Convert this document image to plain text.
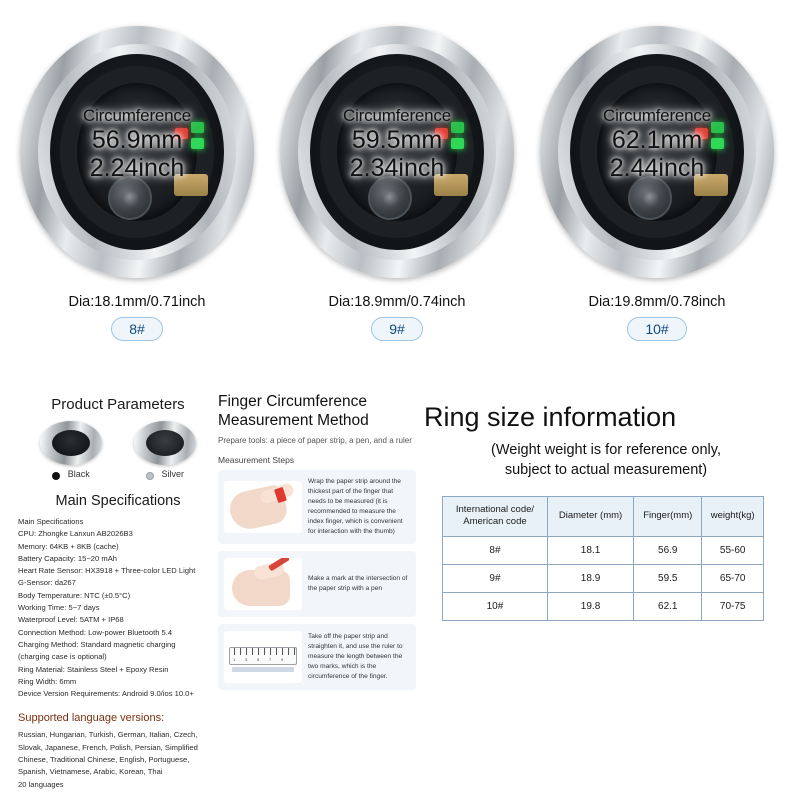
Circumference
56.9mm
2.24inch
Dia:18.1mm/0.71inch
8#
Circumference
59.5mm
2.34inch
Dia:18.9mm/0.74inch
9#
Circumference
62.1mm
2.44inch
Dia:19.8mm/0.78inch
10#
Product Parameters
Black	Silver
Main Specifications
Main Specifications
CPU: Zhongke Lanxun AB2026B3
Memory: 64KB + 8KB (cache)
Battery Capacity: 15~20 mAh
Heart Rate Sensor: HX3918 + Three-color LED Light
G-Sensor: da267
Body Temperature: NTC (±0.5°C)
Working Time: 5~7 days
Waterproof Level: 5ATM + IP68
Connection Method: Low-power Bluetooth 5.4
Charging Method: Standard magnetic charging
(charging case is optional)
Ring Material: Stainless Steel + Epoxy Resin
Ring Width: 6mm
Device Version Requirements: Android 9.0/ios 10.0+
Supported language versions:
Russian, Hungarian, Turkish, German, Italian, Czech,
Slovak, Japanese, French, Polish, Persian, Simplified
Chinese, Traditional Chinese, English, Portuguese,
Spanish, Vietnamese, Arabic, Korean, Thai
20 languages
Finger Circumference
Measurement Method
Prepare tools: a piece of paper strip, a pen, and a ruler
Measurement Steps
Wrap the paper strip around the thickest part of the finger that needs to be measured (it is recommended to measure the index finger, which is convenient for interaction with the thumb)
Make a mark at the intersection of the paper strip with a pen
1 3 5 7 9
Take off the paper strip and straighten it, and use the ruler to measure the length between the two marks, which is the circumference of the finger.
Ring size information
(Weight weight is for reference only,
subject to actual measurement)
International code/
American code	Diameter (mm)	Finger(mm)	weight(kg)
8#	18.1	56.9	55-60
9#	18.9	59.5	65-70
10#	19.8	62.1	70-75
